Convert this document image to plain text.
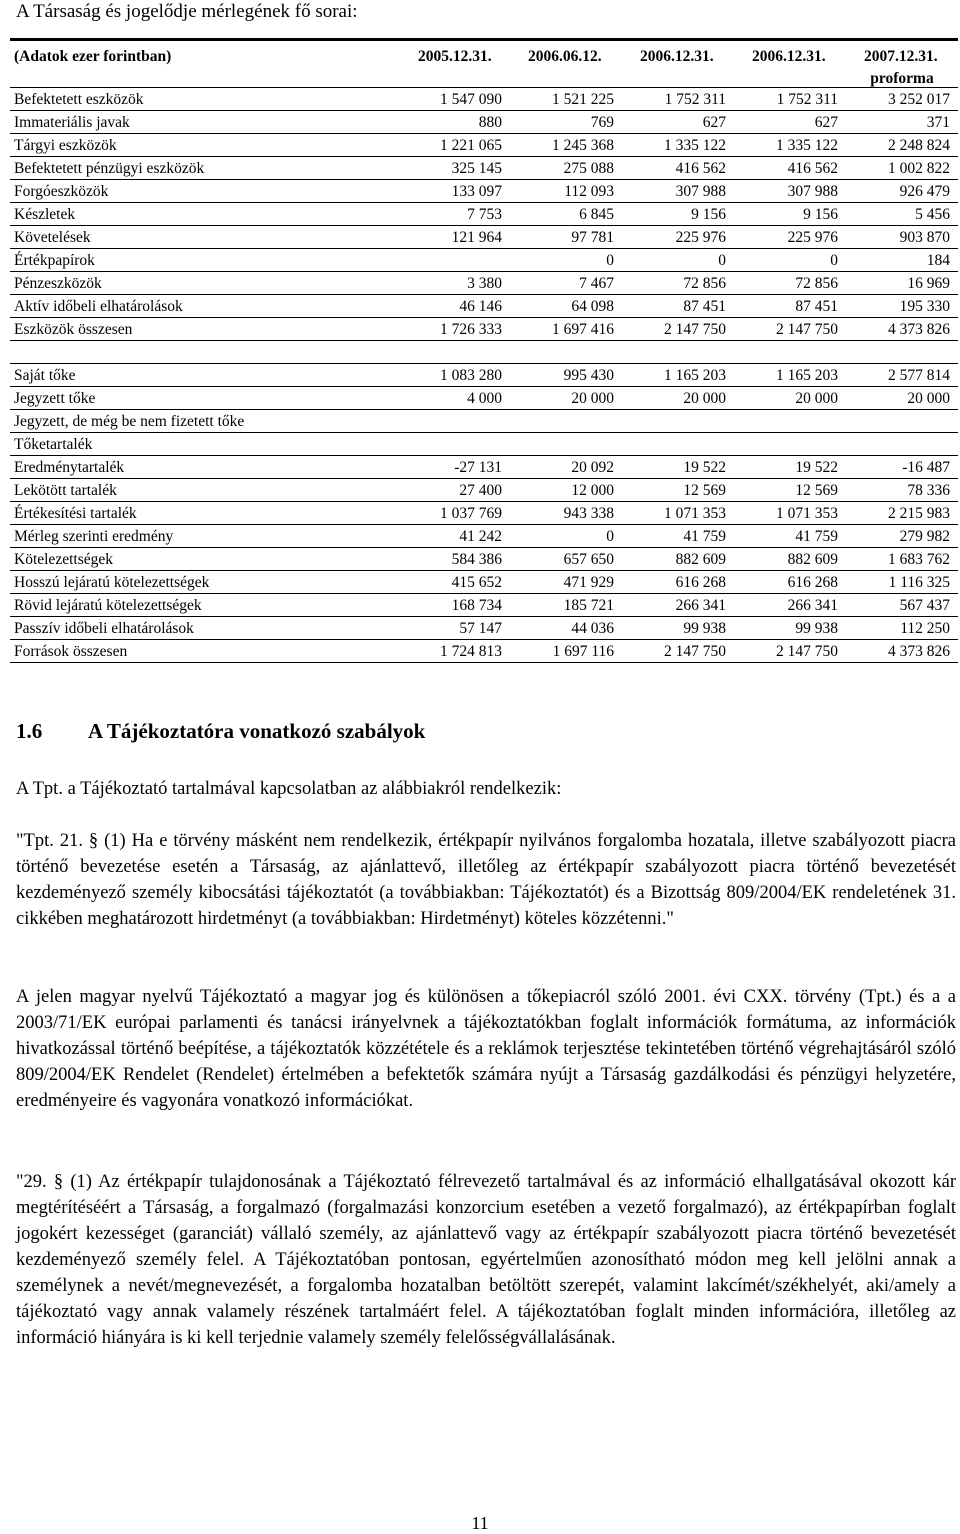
A Társaság és jogelődje mérlegének fő sorai:
(Adatok ezer forintban)	2005.12.31.	2006.06.12.	2006.12.31.	2006.12.31.	2007.12.31.
					proforma
Befektetett eszközök	1 547 090	1 521 225	1 752 311	1 752 311	3 252 017
Immateriális javak	880	769	627	627	371
Tárgyi eszközök	1 221 065	1 245 368	1 335 122	1 335 122	2 248 824
Befektetett pénzügyi eszközök	325 145	275 088	416 562	416 562	1 002 822
Forgóeszközök	133 097	112 093	307 988	307 988	926 479
Készletek	7 753	6 845	9 156	9 156	5 456
Követelések	121 964	97 781	225 976	225 976	903 870
Értékpapírok		0	0	0	184
Pénzeszközök	3 380	7 467	72 856	72 856	16 969
Aktív időbeli elhatárolások	46 146	64 098	87 451	87 451	195 330
Eszközök összesen	1 726 333	1 697 416	2 147 750	2 147 750	4 373 826

Saját tőke	1 083 280	995 430	1 165 203	1 165 203	2 577 814
Jegyzett tőke	4 000	20 000	20 000	20 000	20 000
Jegyzett, de még be nem fizetett tőke					
Tőketartalék					
Eredménytartalék	-27 131	20 092	19 522	19 522	-16 487
Lekötött tartalék	27 400	12 000	12 569	12 569	78 336
Értékesítési tartalék	1 037 769	943 338	1 071 353	1 071 353	2 215 983
Mérleg szerinti eredmény	41 242	0	41 759	41 759	279 982
Kötelezettségek	584 386	657 650	882 609	882 609	1 683 762
Hosszú lejáratú kötelezettségek	415 652	471 929	616 268	616 268	1 116 325
Rövid lejáratú kötelezettségek	168 734	185 721	266 341	266 341	567 437
Passzív időbeli elhatárolások	57 147	44 036	99 938	99 938	112 250
Források összesen	1 724 813	1 697 116	2 147 750	2 147 750	4 373 826
1.6 A Tájékoztatóra vonatkozó szabályok
A Tpt. a Tájékoztató tartalmával kapcsolatban az alábbiakról rendelkezik:
"Tpt. 21. § (1) Ha e törvény másként nem rendelkezik, értékpapír nyilvános forgalomba hozatala, illetve szabályozott piacra történő bevezetése esetén a Társaság, az ajánlattevő, illetőleg az értékpapír szabályozott piacra történő bevezetését kezdeményező személy kibocsátási tájékoztatót (a továbbiakban: Tájékoztatót) és a Bizottság 809/2004/EK rendeletének 31. cikkében meghatározott hirdetményt (a továbbiakban: Hirdetményt) köteles közzétenni."
A jelen magyar nyelvű Tájékoztató a magyar jog és különösen a tőkepiacról szóló 2001. évi CXX. törvény (Tpt.) és a a 2003/71/EK európai parlamenti és tanácsi irányelvnek a tájékoztatókban foglalt információk formátuma, az információk hivatkozással történő beépítése, a tájékoztatók közzététele és a reklámok terjesztése tekintetében történő végrehajtásáról szóló 809/2004/EK Rendelet (Rendelet) értelmében a befektetők számára nyújt a Társaság gazdálkodási és pénzügyi helyzetére, eredményeire és vagyonára vonatkozó információkat.
"29. § (1) Az értékpapír tulajdonosának a Tájékoztató félrevezető tartalmával és az információ elhallgatásával okozott kár megtérítéséért a Társaság, a forgalmazó (forgalmazási konzorcium esetében a vezető forgalmazó), az értékpapírban foglalt jogokért kezességet (garanciát) vállaló személy, az ajánlattevő vagy az értékpapír szabályozott piacra történő bevezetését kezdeményező személy felel. A Tájékoztatóban pontosan, egyértelműen azonosítható módon meg kell jelölni annak a személynek a nevét/megnevezését, a forgalomba hozatalban betöltött szerepét, valamint lakcímét/székhelyét, aki/amely a tájékoztató vagy annak valamely részének tartalmáért felel. A tájékoztatóban foglalt minden információra, illetőleg az információ hiányára is ki kell terjednie valamely személy felelősségvállalásának.
11
